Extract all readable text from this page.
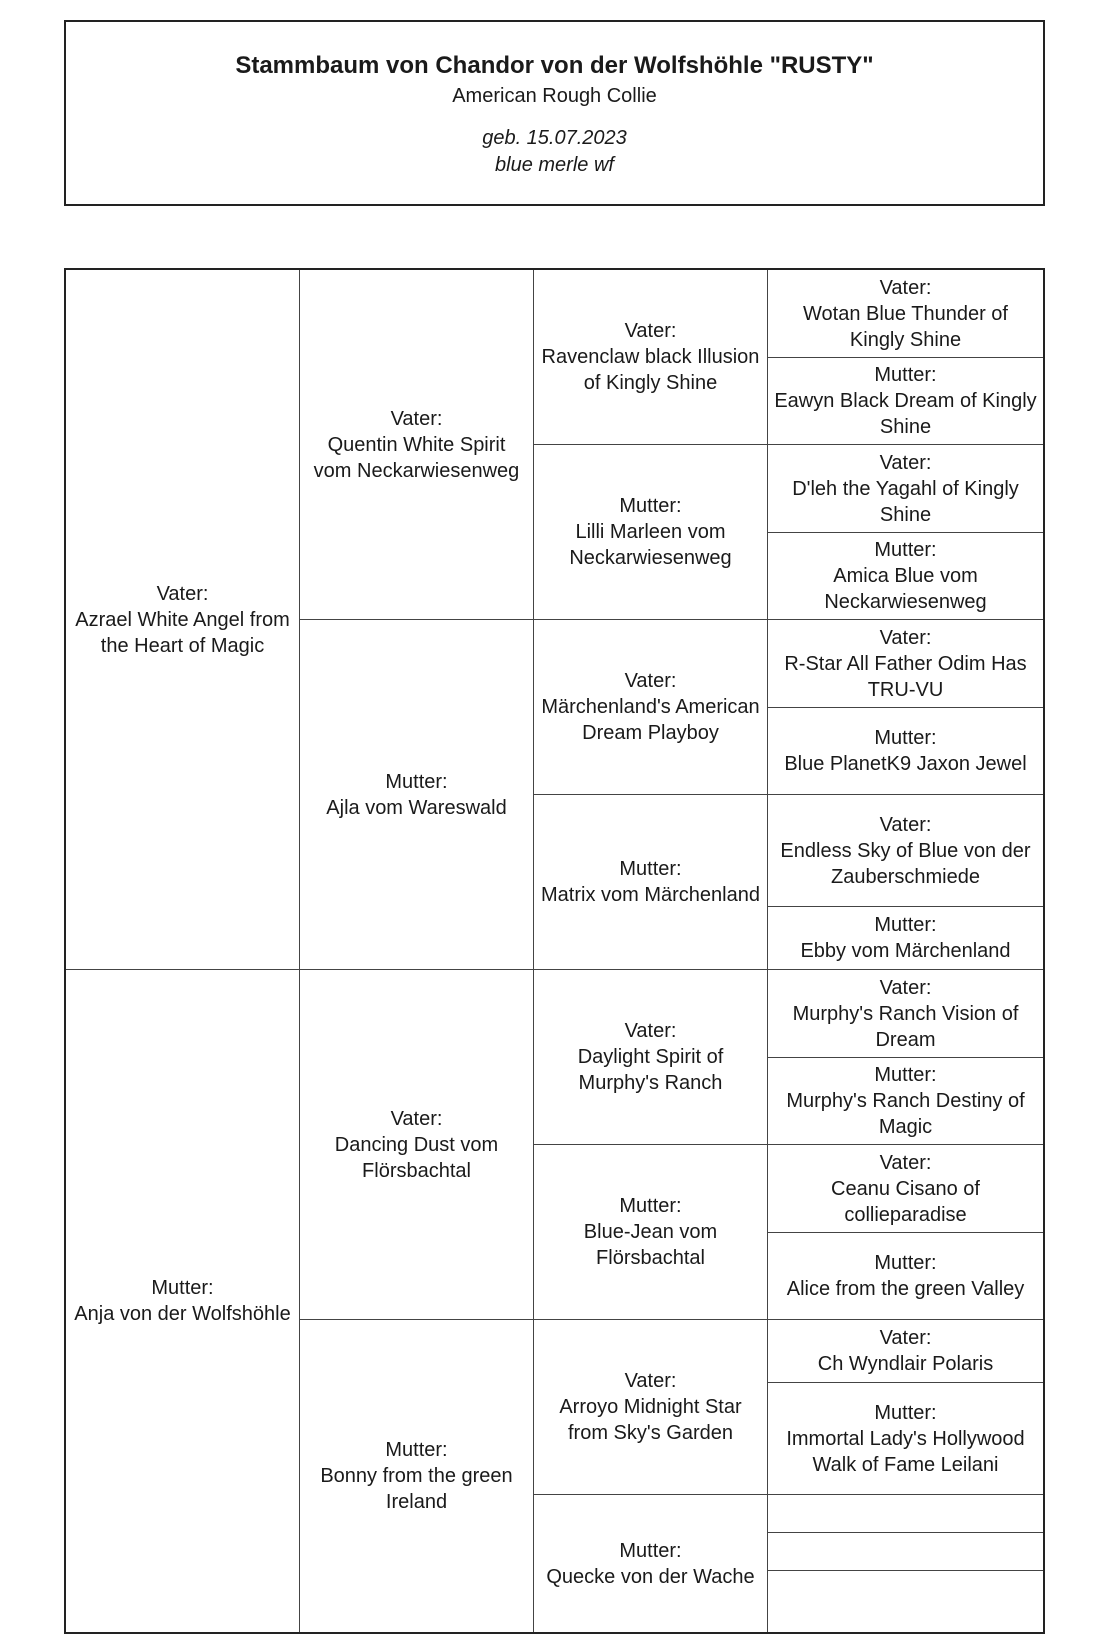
Stammbaum von Chandor von der Wolfshöhle "RUSTY"
American Rough Collie
geb. 15.07.2023
blue merle wf
Vater:
Azrael White Angel from the Heart of Magic
Mutter:
Anja von der Wolfshöhle
Vater:
Quentin White Spirit vom Neckarwiesenweg
Mutter:
Ajla vom Wareswald
Vater:
Dancing Dust vom Flörsbachtal
Mutter:
Bonny from the green Ireland
Vater:
Ravenclaw black Illusion of Kingly Shine
Mutter:
Lilli Marleen vom Neckarwiesenweg
Vater:
Märchenland's American Dream Playboy
Mutter:
Matrix vom Märchenland
Vater:
Daylight Spirit of Murphy's Ranch
Mutter:
Blue-Jean vom Flörsbachtal
Vater:
Arroyo Midnight Star from Sky's Garden
Mutter:
Quecke von der Wache
Vater:
Wotan Blue Thunder of Kingly Shine
Mutter:
Eawyn Black Dream of Kingly Shine
Vater:
D'leh the Yagahl of Kingly Shine
Mutter:
Amica Blue vom Neckarwiesenweg
Vater:
R-Star All Father Odim Has TRU-VU
Mutter:
Blue PlanetK9 Jaxon Jewel
Vater:
Endless Sky of Blue von der Zauberschmiede
Mutter:
Ebby vom Märchenland
Vater:
Murphy's Ranch Vision of Dream
Mutter:
Murphy's Ranch Destiny of Magic
Vater:
Ceanu Cisano of collieparadise
Mutter:
Alice from the green Valley
Vater:
Ch Wyndlair Polaris
Mutter:
Immortal Lady's Hollywood Walk of Fame Leilani
